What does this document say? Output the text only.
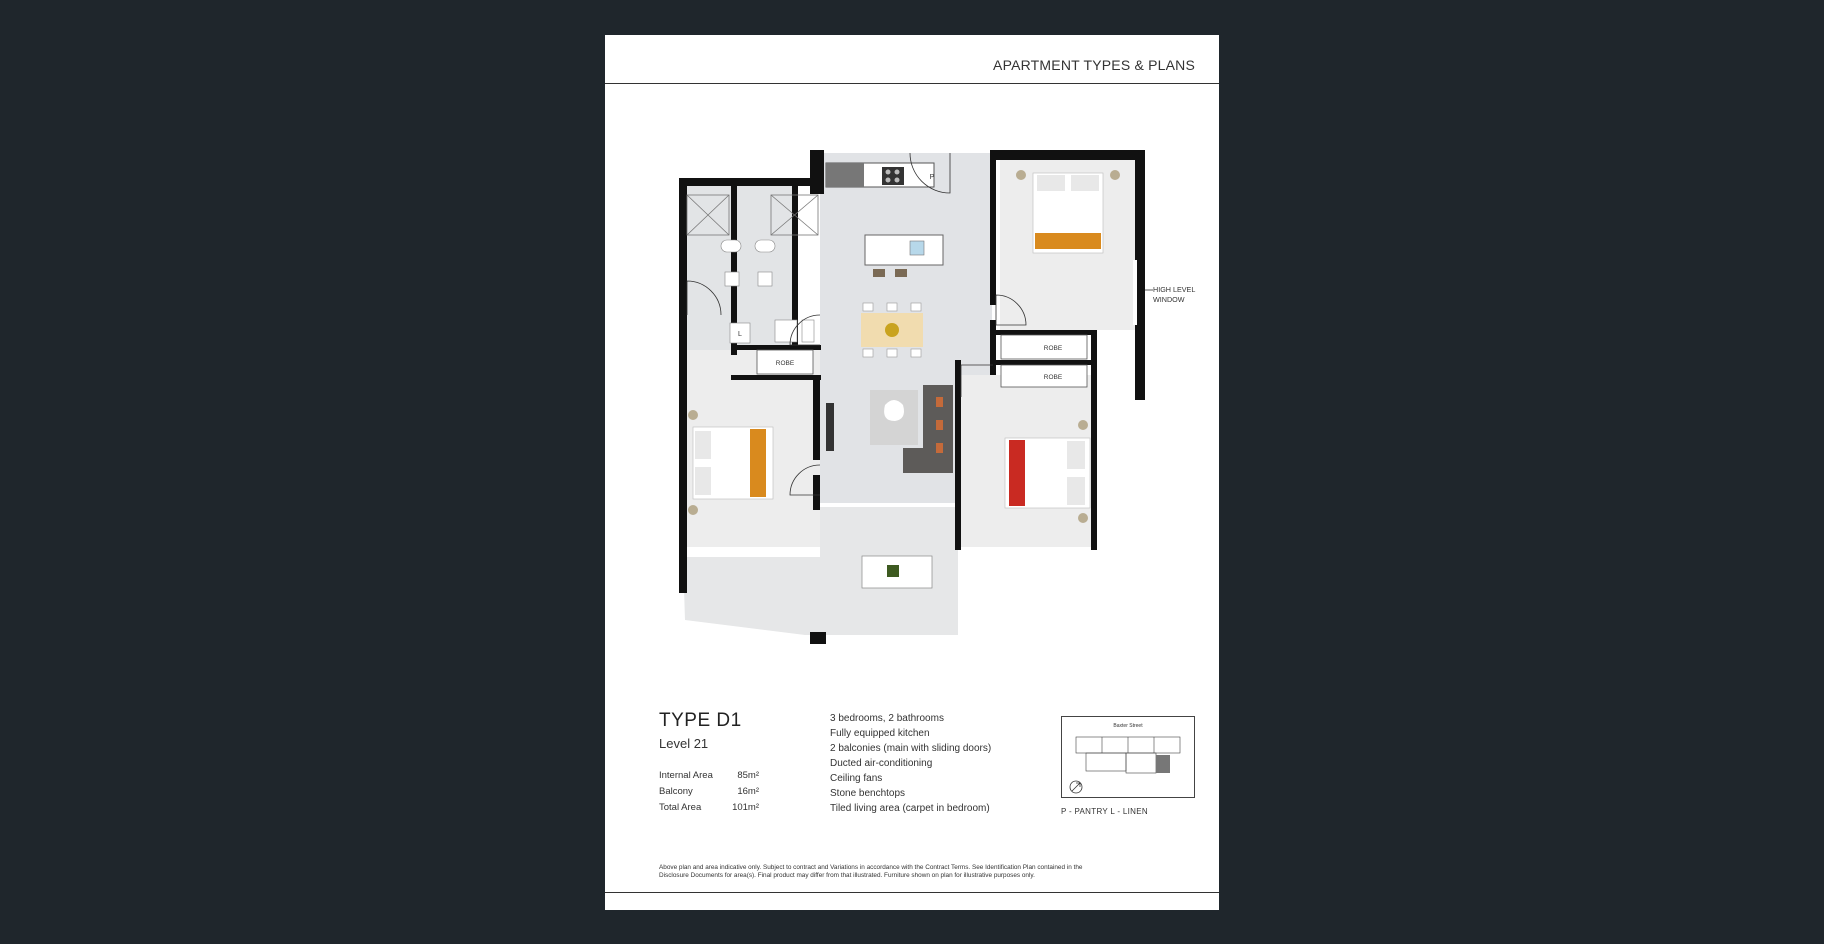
APARTMENT TYPES & PLANS
P
L
ROBE
ROBE
ROBE
HIGH LEVEL
WINDOW
TYPE D1
Level 21
Internal Area	85m²
Balcony	16m²
Total Area	101m²
3 bedrooms, 2 bathrooms
Fully equipped kitchen
2 balconies (main with sliding doors)
Ducted air-conditioning
Ceiling fans
Stone benchtops
Tiled living area (carpet in bedroom)
Baxter Street
P - PANTRY L - LINEN

Above plan and area indicative only. Subject to contract and Variations in accordance with the Contract Terms. See Identification Plan contained in the Disclosure Documents for area(s). Final product may differ from that illustrated. Furniture shown on plan for illustrative purposes only.
